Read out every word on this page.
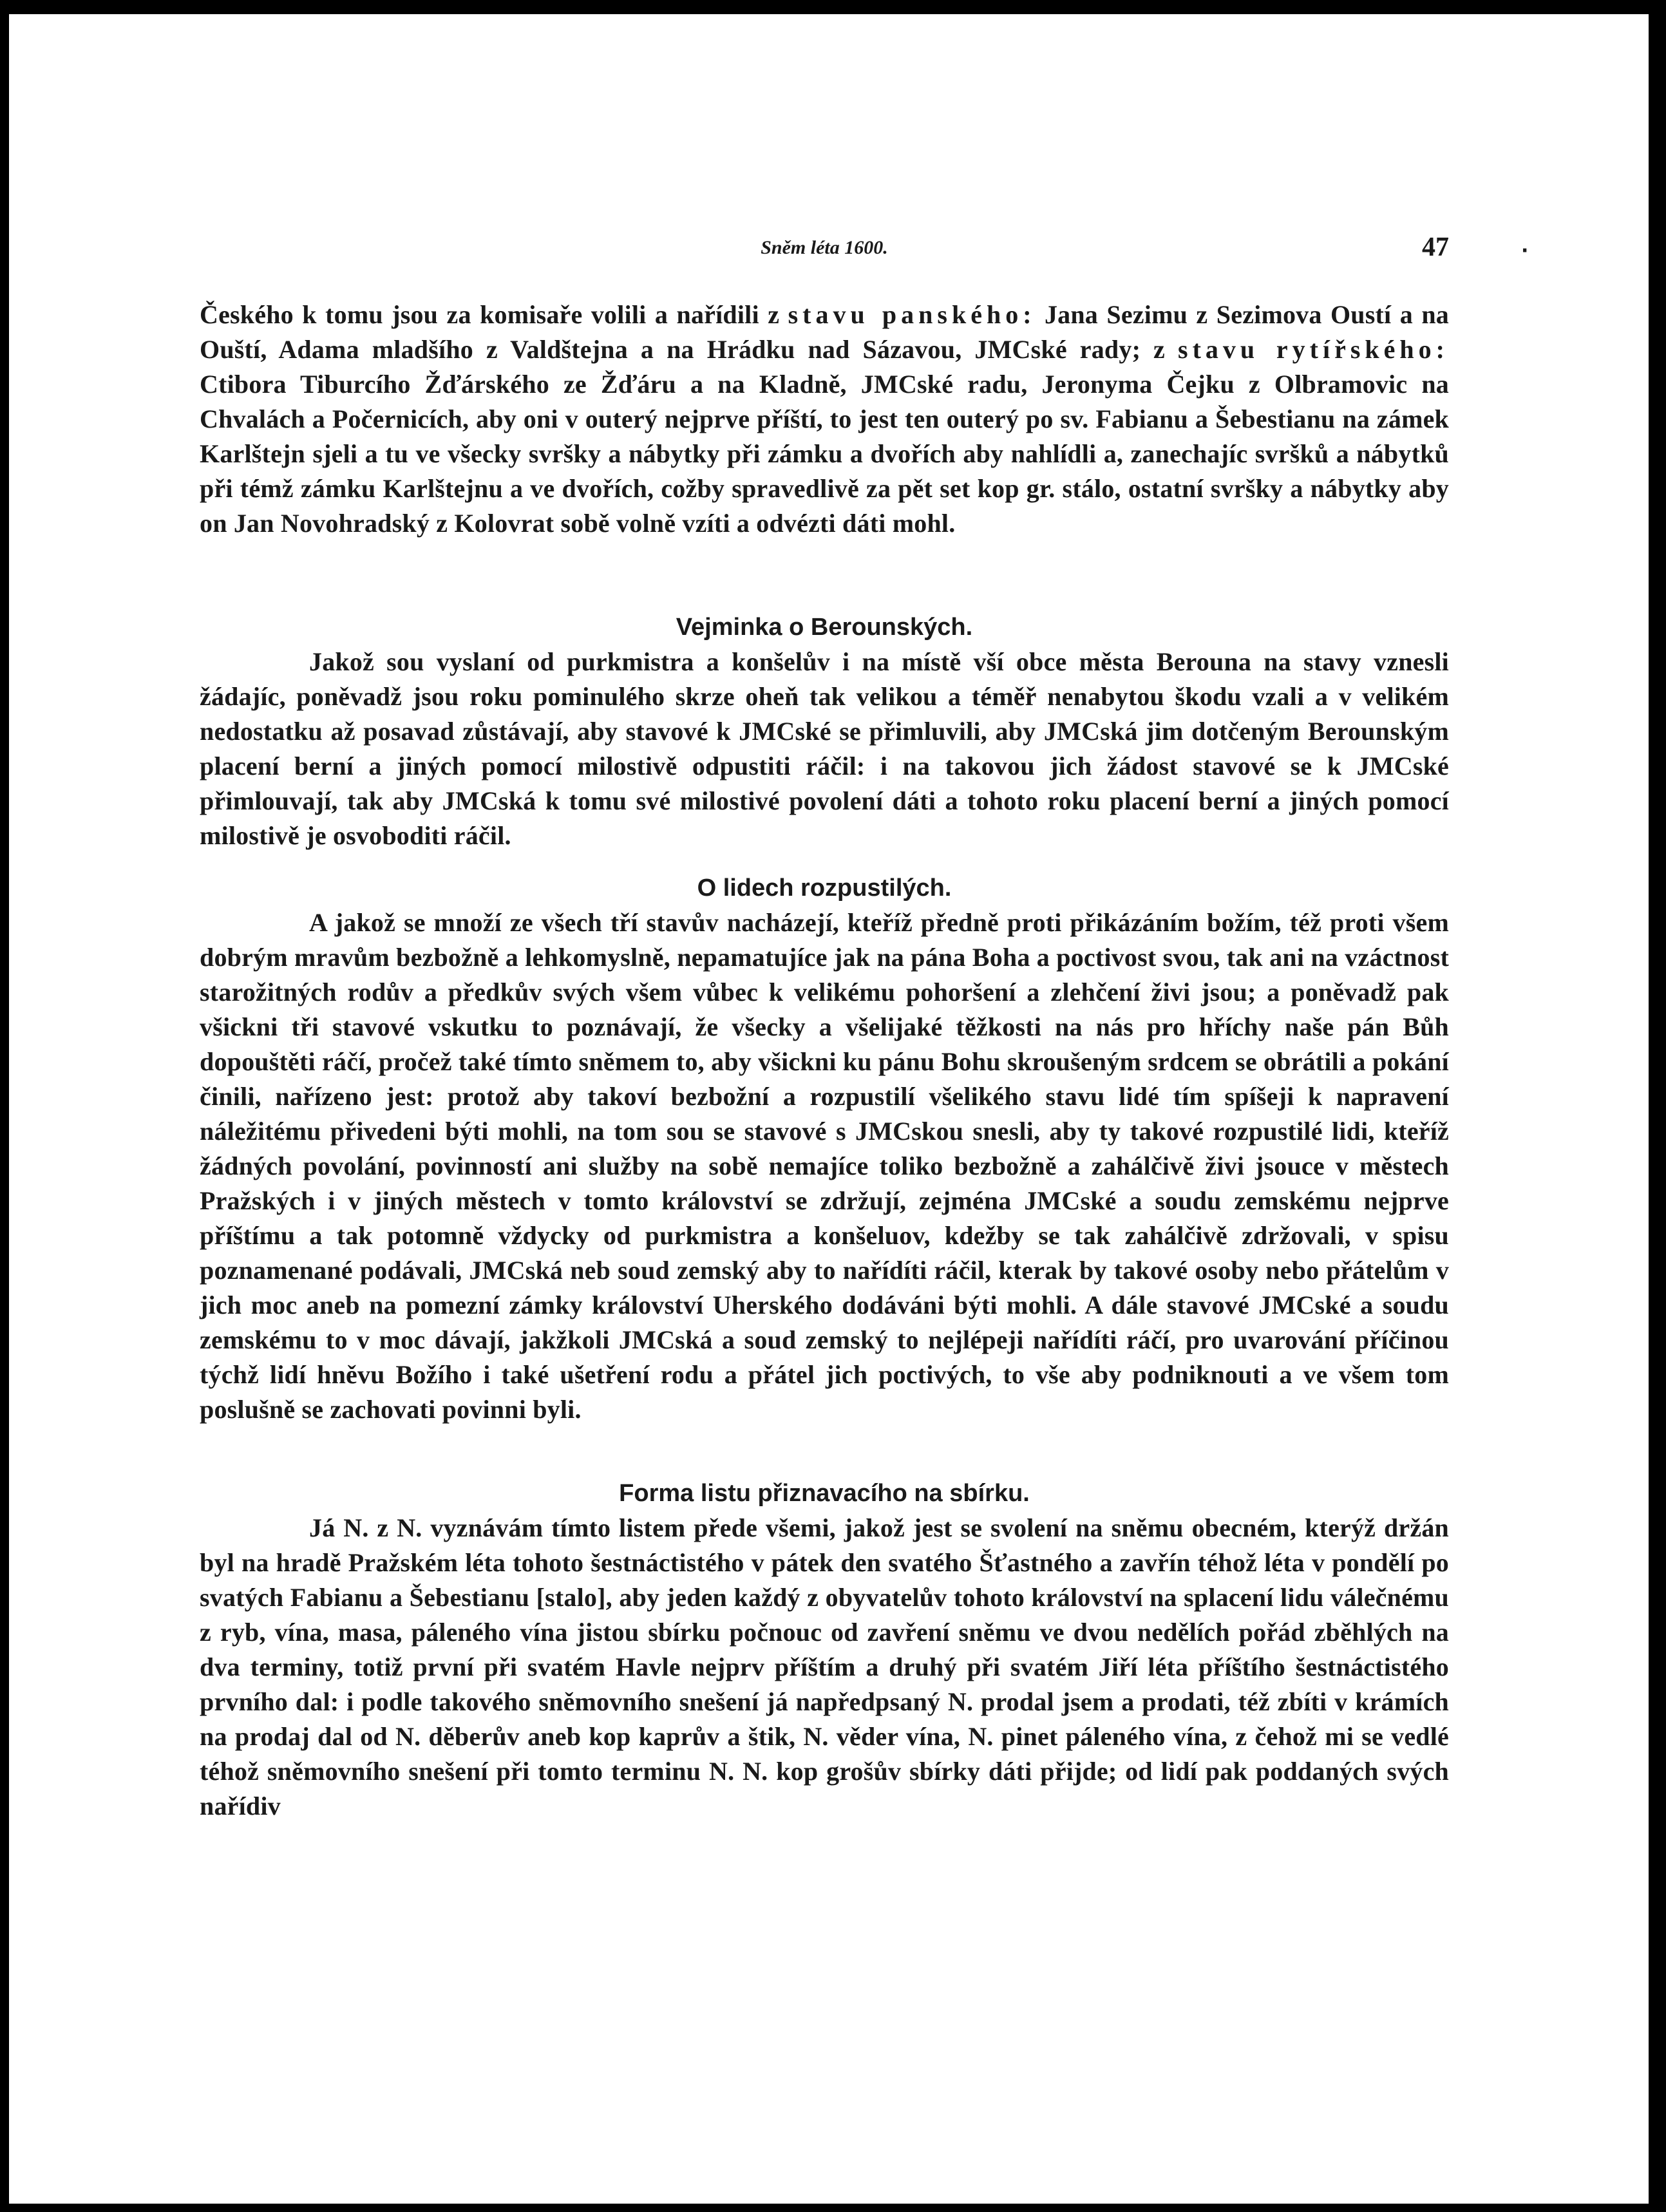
Sněm léta 1600.	47	·

Českého k tomu jsou za komisaře volili a nařídili z stavu panského: Jana Sezimu z Sezimova Oustí a na Ouští, Adama mladšího z Valdštejna a na Hrádku nad Sázavou, JMCské rady; z stavu rytířského: Ctibora Tiburcího Žďárského ze Žďáru a na Kladně, JMCské radu, Jeronyma Čejku z Olbramovic na Chvalách a Počernicích, aby oni v outerý nejprve příští, to jest ten outerý po sv. Fabianu a Šebestianu na zámek Karlštejn sjeli a tu ve všecky svršky a nábytky při zámku a dvořích aby nahlídli a, zanechajíc svršků a nábytků při témž zámku Karlštejnu a ve dvořích, cožby spravedlivě za pět set kop gr. stálo, ostatní svršky a nábytky aby on Jan Novohradský z Kolovrat sobě volně vzíti a odvézti dáti mohl.

Vejminka o Berounských.

Jakož sou vyslaní od purkmistra a konšelův i na místě vší obce města Berouna na stavy vznesli žádajíc, poněvadž jsou roku pominulého skrze oheň tak velikou a téměř nenabytou škodu vzali a v velikém nedostatku až posavad zůstávají, aby stavové k JMCské se přimluvili, aby JMCská jim dotčeným Berounským placení berní a jiných pomocí milostivě odpustiti ráčil: i na takovou jich žádost stavové se k JMCské přimlouvají, tak aby JMCská k tomu své milostivé povolení dáti a tohoto roku placení berní a jiných pomocí milostivě je osvoboditi ráčil.

O lidech rozpustilých.

A jakož se množí ze všech tří stavův nacházejí, kteříž předně proti přikázáním božím, též proti všem dobrým mravům bezbožně a lehkomyslně, nepamatujíce jak na pána Boha a poctivost svou, tak ani na vzáctnost starožitných rodův a předkův svých všem vůbec k velikému pohoršení a zlehčení živi jsou; a poněvadž pak všickni tři stavové vskutku to poznávají, že všecky a všelijaké těžkosti na nás pro hříchy naše pán Bůh dopouštěti ráčí, pročež také tímto sněmem to, aby všickni ku pánu Bohu skroušeným srdcem se obrátili a pokání činili, nařízeno jest: protož aby takoví bezbožní a rozpustilí všelikého stavu lidé tím spíšeji k napravení náležitému přivedeni býti mohli, na tom sou se stavové s JMCskou snesli, aby ty takové rozpustilé lidi, kteříž žádných povolání, povinností ani služby na sobě nemajíce toliko bezbožně a zahálčivě živi jsouce v městech Pražských i v jiných městech v tomto království se zdržují, zejména JMCské a soudu zemskému nejprve příštímu a tak potomně vždycky od purkmistra a konšeluov, kdežby se tak zahálčivě zdržovali, v spisu poznamenané podávali, JMCská neb soud zemský aby to nařídíti ráčil, kterak by takové osoby nebo přátelům v jich moc aneb na pomezní zámky království Uherského dodáváni býti mohli. A dále stavové JMCské a soudu zemskému to v moc dávají, jakžkoli JMCská a soud zemský to nejlépeji nařídíti ráčí, pro uvarování příčinou týchž lidí hněvu Božího i také ušetření rodu a přátel jich poctivých, to vše aby podniknouti a ve všem tom poslušně se zachovati povinni byli.

Forma listu přiznavacího na sbírku.

Já N. z N. vyznávám tímto listem přede všemi, jakož jest se svolení na sněmu obecném, kterýž držán byl na hradě Pražském léta tohoto šestnáctistého v pátek den svatého Šťastného a zavřín téhož léta v pondělí po svatých Fabianu a Šebestianu [stalo], aby jeden každý z obyvatelův tohoto království na splacení lidu válečnému z ryb, vína, masa, páleného vína jistou sbírku počnouc od zavření sněmu ve dvou nedělích pořád zběhlých na dva terminy, totiž první při svatém Havle nejprv příštím a druhý při svatém Jiří léta příštího šestnáctistého prvního dal: i podle takového sněmovního snešení já napředpsaný N. prodal jsem a prodati, též zbíti v krámích na prodaj dal od N. děberův aneb kop kaprův a štik, N. věder vína, N. pinet páleného vína, z čehož mi se vedlé téhož sněmovního snešení při tomto terminu N. N. kop grošův sbírky dáti přijde; od lidí pak poddaných svých nařídiv
